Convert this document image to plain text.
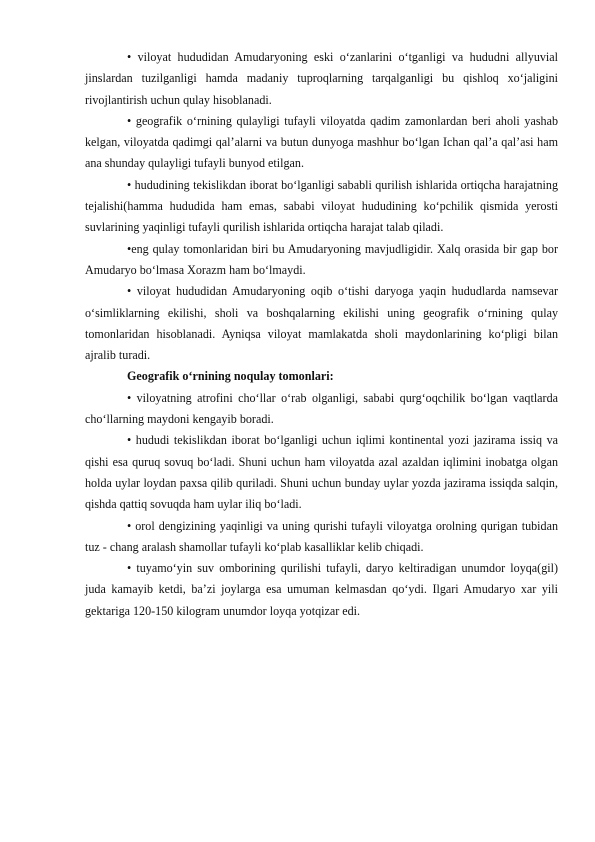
• viloyat hududidan Amudaryoning eski o‘zanlarini o‘tganligi va hududni allyuvial jinslardan tuzilganligi hamda madaniy tuproqlarning tarqalganligi bu qishloq xo‘jaligini rivojlantirish uchun qulay hisoblanadi.

• geografik o‘rnining qulayligi tufayli viloyatda qadim zamonlardan beri aholi yashab kelgan, viloyatda qadimgi qal’alarni va butun dunyoga mashhur bo‘lgan Ichan qal’a qal’asi ham ana shunday qulayligi tufayli bunyod etilgan.

• hududining tekislikdan iborat bo‘lganligi sababli qurilish ishlarida ortiqcha harajatning tejalishi(hamma hududida ham emas, sababi viloyat hududining ko‘pchilik qismida yerosti suvlarining yaqinligi tufayli qurilish ishlarida ortiqcha harajat talab qiladi.

•eng qulay tomonlaridan biri bu Amudaryoning mavjudligidir. Xalq orasida bir gap bor Amudaryo bo‘lmasa Xorazm ham bo‘lmaydi.

• viloyat hududidan Amudaryoning oqib o‘tishi daryoga yaqin hududlarda namsevar o‘simliklarning ekilishi, sholi va boshqalarning ekilishi uning geografik o‘rnining qulay tomonlaridan hisoblanadi. Ayniqsa viloyat mamlakatda sholi maydonlarining ko‘pligi bilan ajralib turadi.

Geografik o‘rnining noqulay tomonlari:

• viloyatning atrofini cho‘llar o‘rab olganligi, sababi qurg‘oqchilik bo‘lgan vaqtlarda cho‘llarning maydoni kengayib boradi.

• hududi tekislikdan iborat bo‘lganligi uchun iqlimi kontinental yozi jazirama issiq va qishi esa quruq sovuq bo‘ladi. Shuni uchun ham viloyatda azal azaldan iqlimini inobatga olgan holda uylar loydan paxsa qilib quriladi. Shuni uchun bunday uylar yozda jazirama issiqda salqin, qishda qattiq sovuqda ham uylar iliq bo‘ladi.

• orol dengizining yaqinligi va uning qurishi tufayli viloyatga orolning qurigan tubidan tuz - chang aralash shamollar tufayli ko‘plab kasalliklar kelib chiqadi.

• tuyamo‘yin suv omborining qurilishi tufayli, daryo keltiradigan unumdor loyqa(gil) juda kamayib ketdi, ba’zi joylarga esa umuman kelmasdan qo‘ydi. Ilgari Amudaryo xar yili gektariga 120-150 kilogram unumdor loyqa yotqizar edi.
